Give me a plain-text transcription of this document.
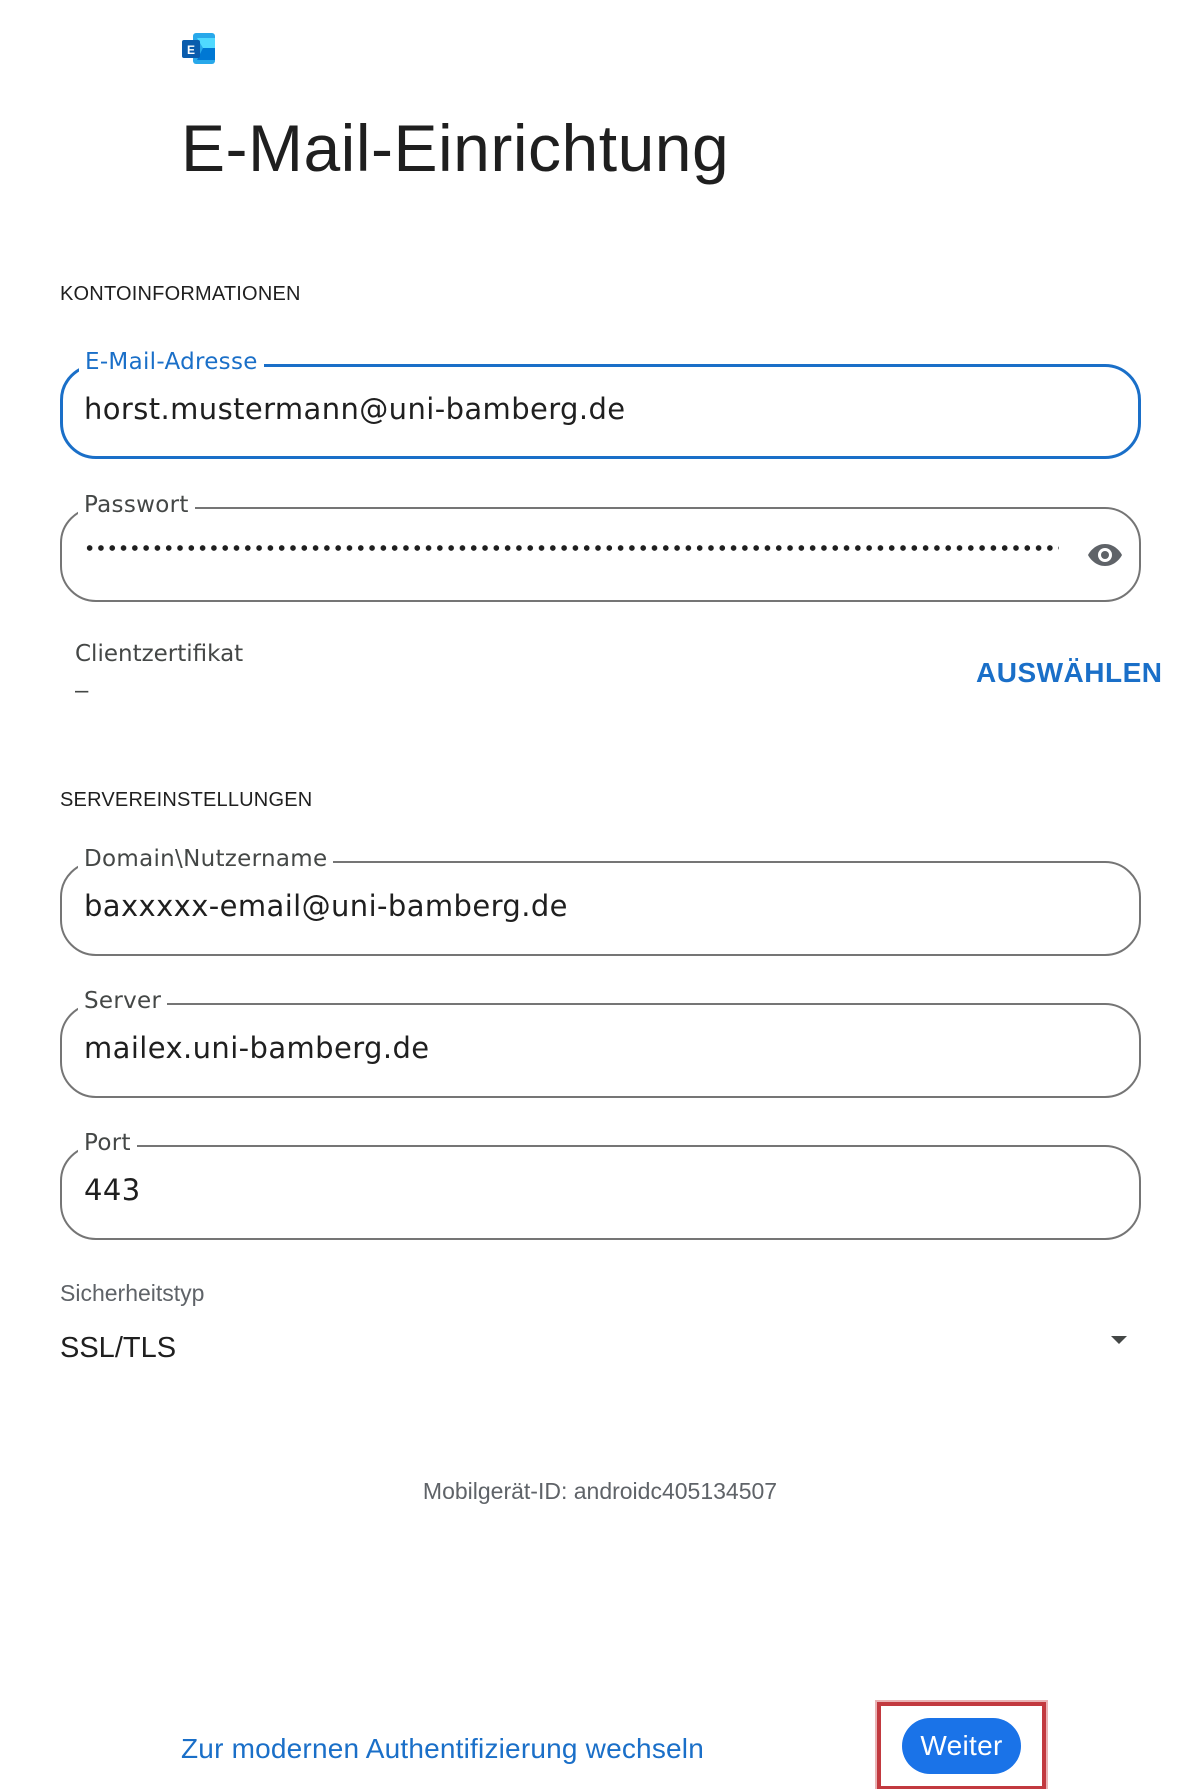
E
E-Mail-Einrichtung
KONTOINFORMATIONEN
E-Mail-Adresse
horst.mustermann@uni-bamberg.de
Passwort
Clientzertifikat
–
AUSWÄHLEN
SERVEREINSTELLUNGEN
Domain\Nutzername
baxxxxx-email@uni-bamberg.de
Server
mailex.uni-bamberg.de
Port
443
Sicherheitstyp
SSL/TLS
Mobilgerät-ID: androidc405134507
Zur modernen Authentifizierung wechseln	Weiter
